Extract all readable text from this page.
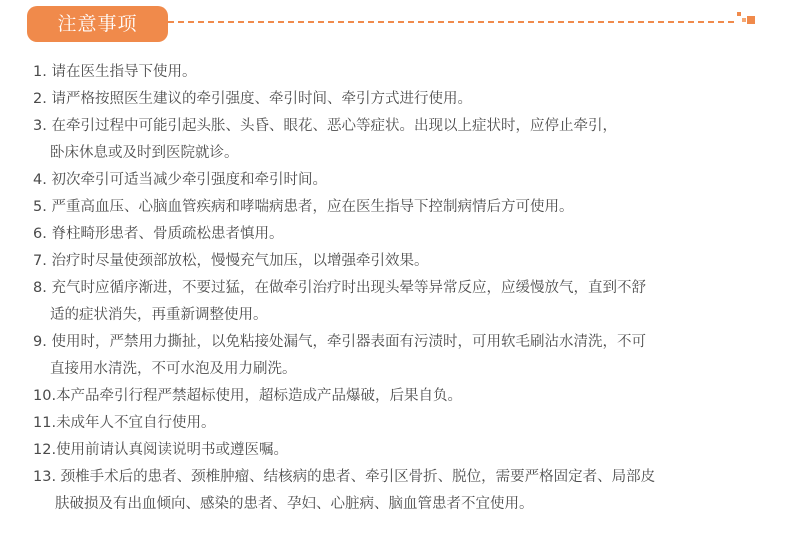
注意事项
1. 请在医生指导下使用。
2. 请严格按照医生建议的牵引强度、牵引时间、牵引方式进行使用。
3. 在牵引过程中可能引起头胀、头昏、眼花、恶心等症状。出现以上症状时，应停止牵引，
卧床休息或及时到医院就诊。
4. 初次牵引可适当减少牵引强度和牵引时间。
5. 严重高血压、心脑血管疾病和哮喘病患者，应在医生指导下控制病情后方可使用。
6. 脊柱畸形患者、骨质疏松患者慎用。
7. 治疗时尽量使颈部放松，慢慢充气加压，以增强牵引效果。
8. 充气时应循序渐进，不要过猛，在做牵引治疗时出现头晕等异常反应，应缓慢放气，直到不舒
适的症状消失，再重新调整使用。
9. 使用时，严禁用力撕扯，以免粘接处漏气，牵引器表面有污渍时，可用软毛刷沾水清洗，不可
直接用水清洗，不可水泡及用力刷洗。
10.本产品牵引行程严禁超标使用，超标造成产品爆破，后果自负。
11.未成年人不宜自行使用。
12.使用前请认真阅读说明书或遵医嘱。
13. 颈椎手术后的患者、颈椎肿瘤、结核病的患者、牵引区骨折、脱位，需要严格固定者、局部皮
肤破损及有出血倾向、感染的患者、孕妇、心脏病、脑血管患者不宜使用。
